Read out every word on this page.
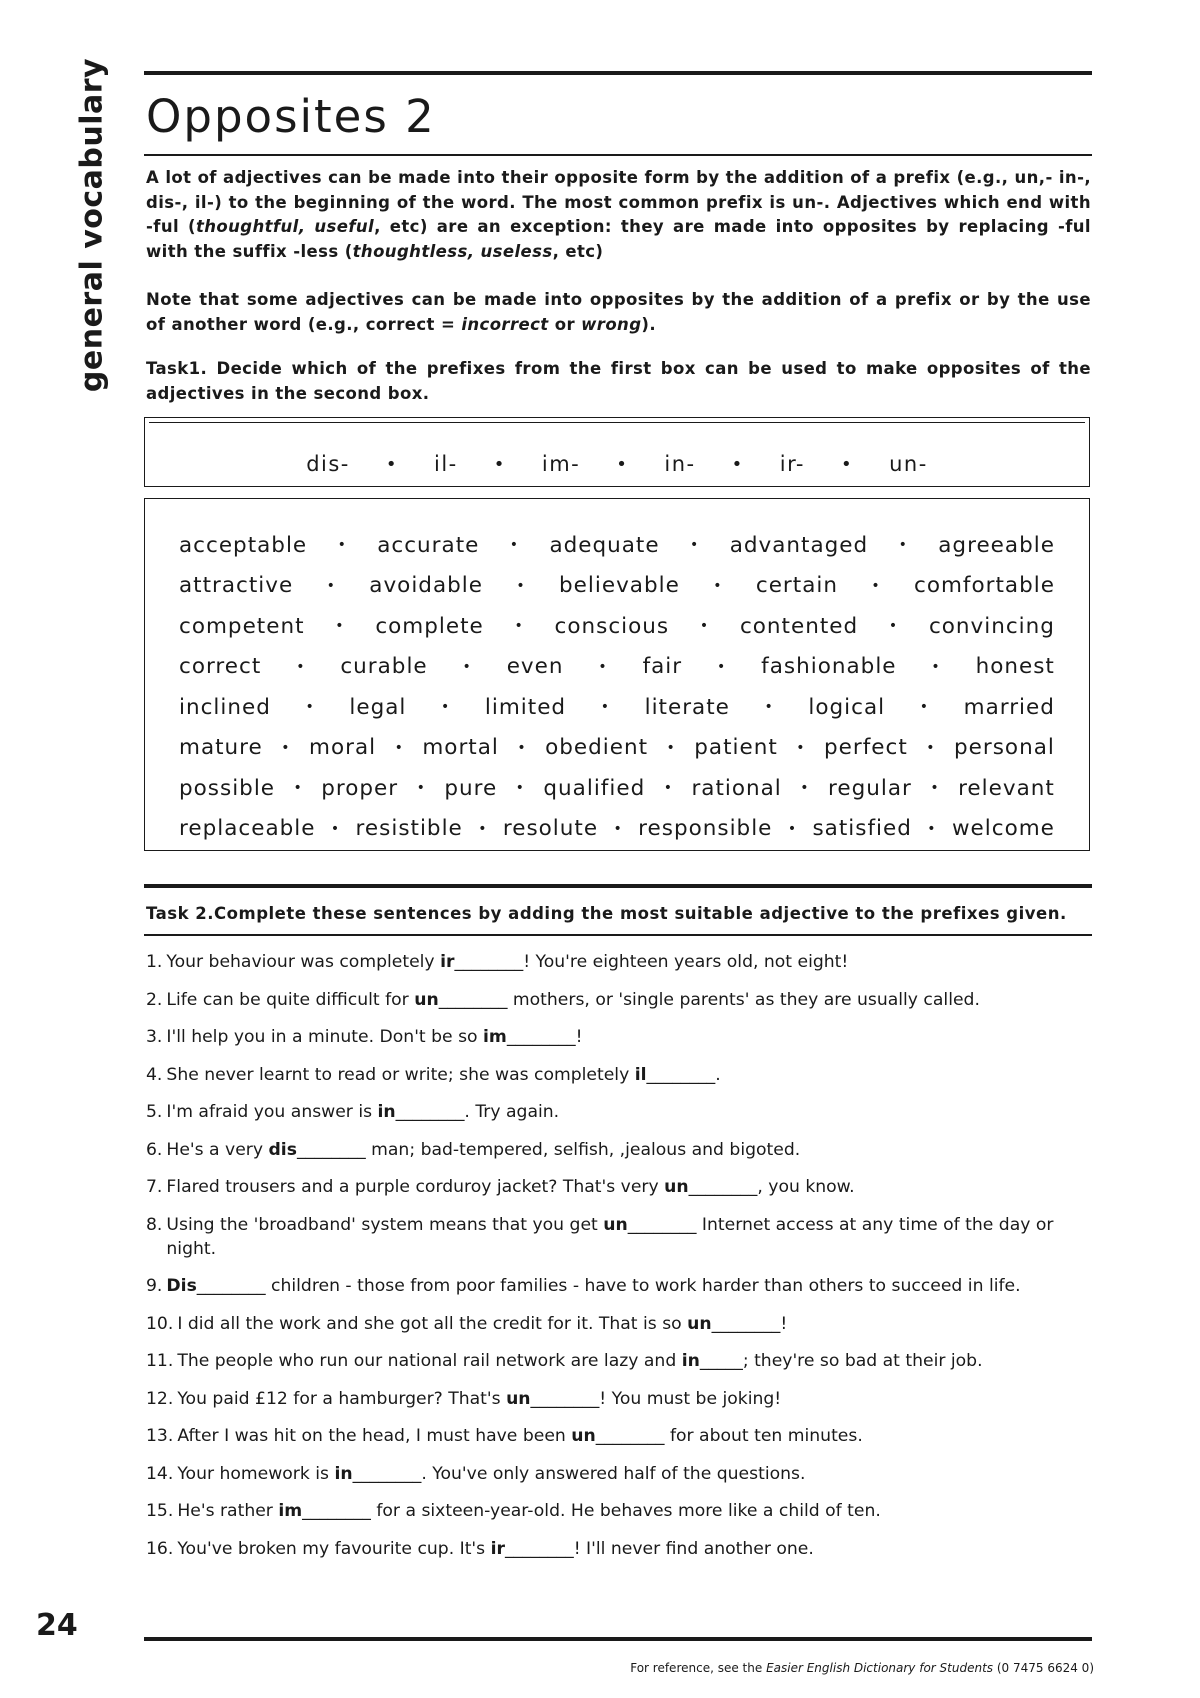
general vocabulary Opposites 2

A lot of adjectives can be made into their opposite form by the addition of a prefix (e.g., un,- in-, dis-, il-) to the beginning of the word. The most common prefix is un-. Adjectives which end with -ful (thoughtful, useful, etc) are an exception: they are made into opposites by replacing -ful with the suffix -less (thoughtless, useless, etc)

Note that some adjectives can be made into opposites by the addition of a prefix or by the use of another word (e.g., correct = incorrect or wrong).

Task1. Decide which of the prefixes from the first box can be used to make opposites of the adjectives in the second box.

dis- • il- • im- • in- • ir- • un-
acceptable • accurate • adequate • advantaged • agreeable
attractive • avoidable • believable • certain • comfortable
competent • complete • conscious • contented • convincing
correct • curable • even • fair • fashionable • honest
inclined • legal • limited • literate • logical • married
mature • moral • mortal • obedient • patient • perfect • personal
possible • proper • pure • qualified • rational • regular • relevant
replaceable • resistible • resolute • responsible • satisfied • welcome
Task 2.Complete these sentences by adding the most suitable adjective to the prefixes given.
1. Your behaviour was completely ir________! You're eighteen years old, not eight!
2. Life can be quite difficult for un________ mothers, or 'single parents' as they are usually called.
3. I'll help you in a minute. Don't be so im________!
4. She never learnt to read or write; she was completely il________.
5. I'm afraid you answer is in________. Try again.
6. He's a very dis________ man; bad-tempered, selfish, ,jealous and bigoted.
7. Flared trousers and a purple corduroy jacket? That's very un________, you know.
8. Using the 'broadband' system means that you get un________ Internet access at any time of the day or night.
9. Dis________ children - those from poor families - have to work harder than others to succeed in life.
10. I did all the work and she got all the credit for it. That is so un________!
11. The people who run our national rail network are lazy and in_____; they're so bad at their job.
12. You paid £12 for a hamburger? That's un________! You must be joking!
13. After I was hit on the head, I must have been un________ for about ten minutes.
14. Your homework is in________. You've only answered half of the questions.
15. He's rather im________ for a sixteen-year-old. He behaves more like a child of ten.
16. You've broken my favourite cup. It's ir________! I'll never find another one.
24
For reference, see the Easier English Dictionary for Students (0 7475 6624 0)
